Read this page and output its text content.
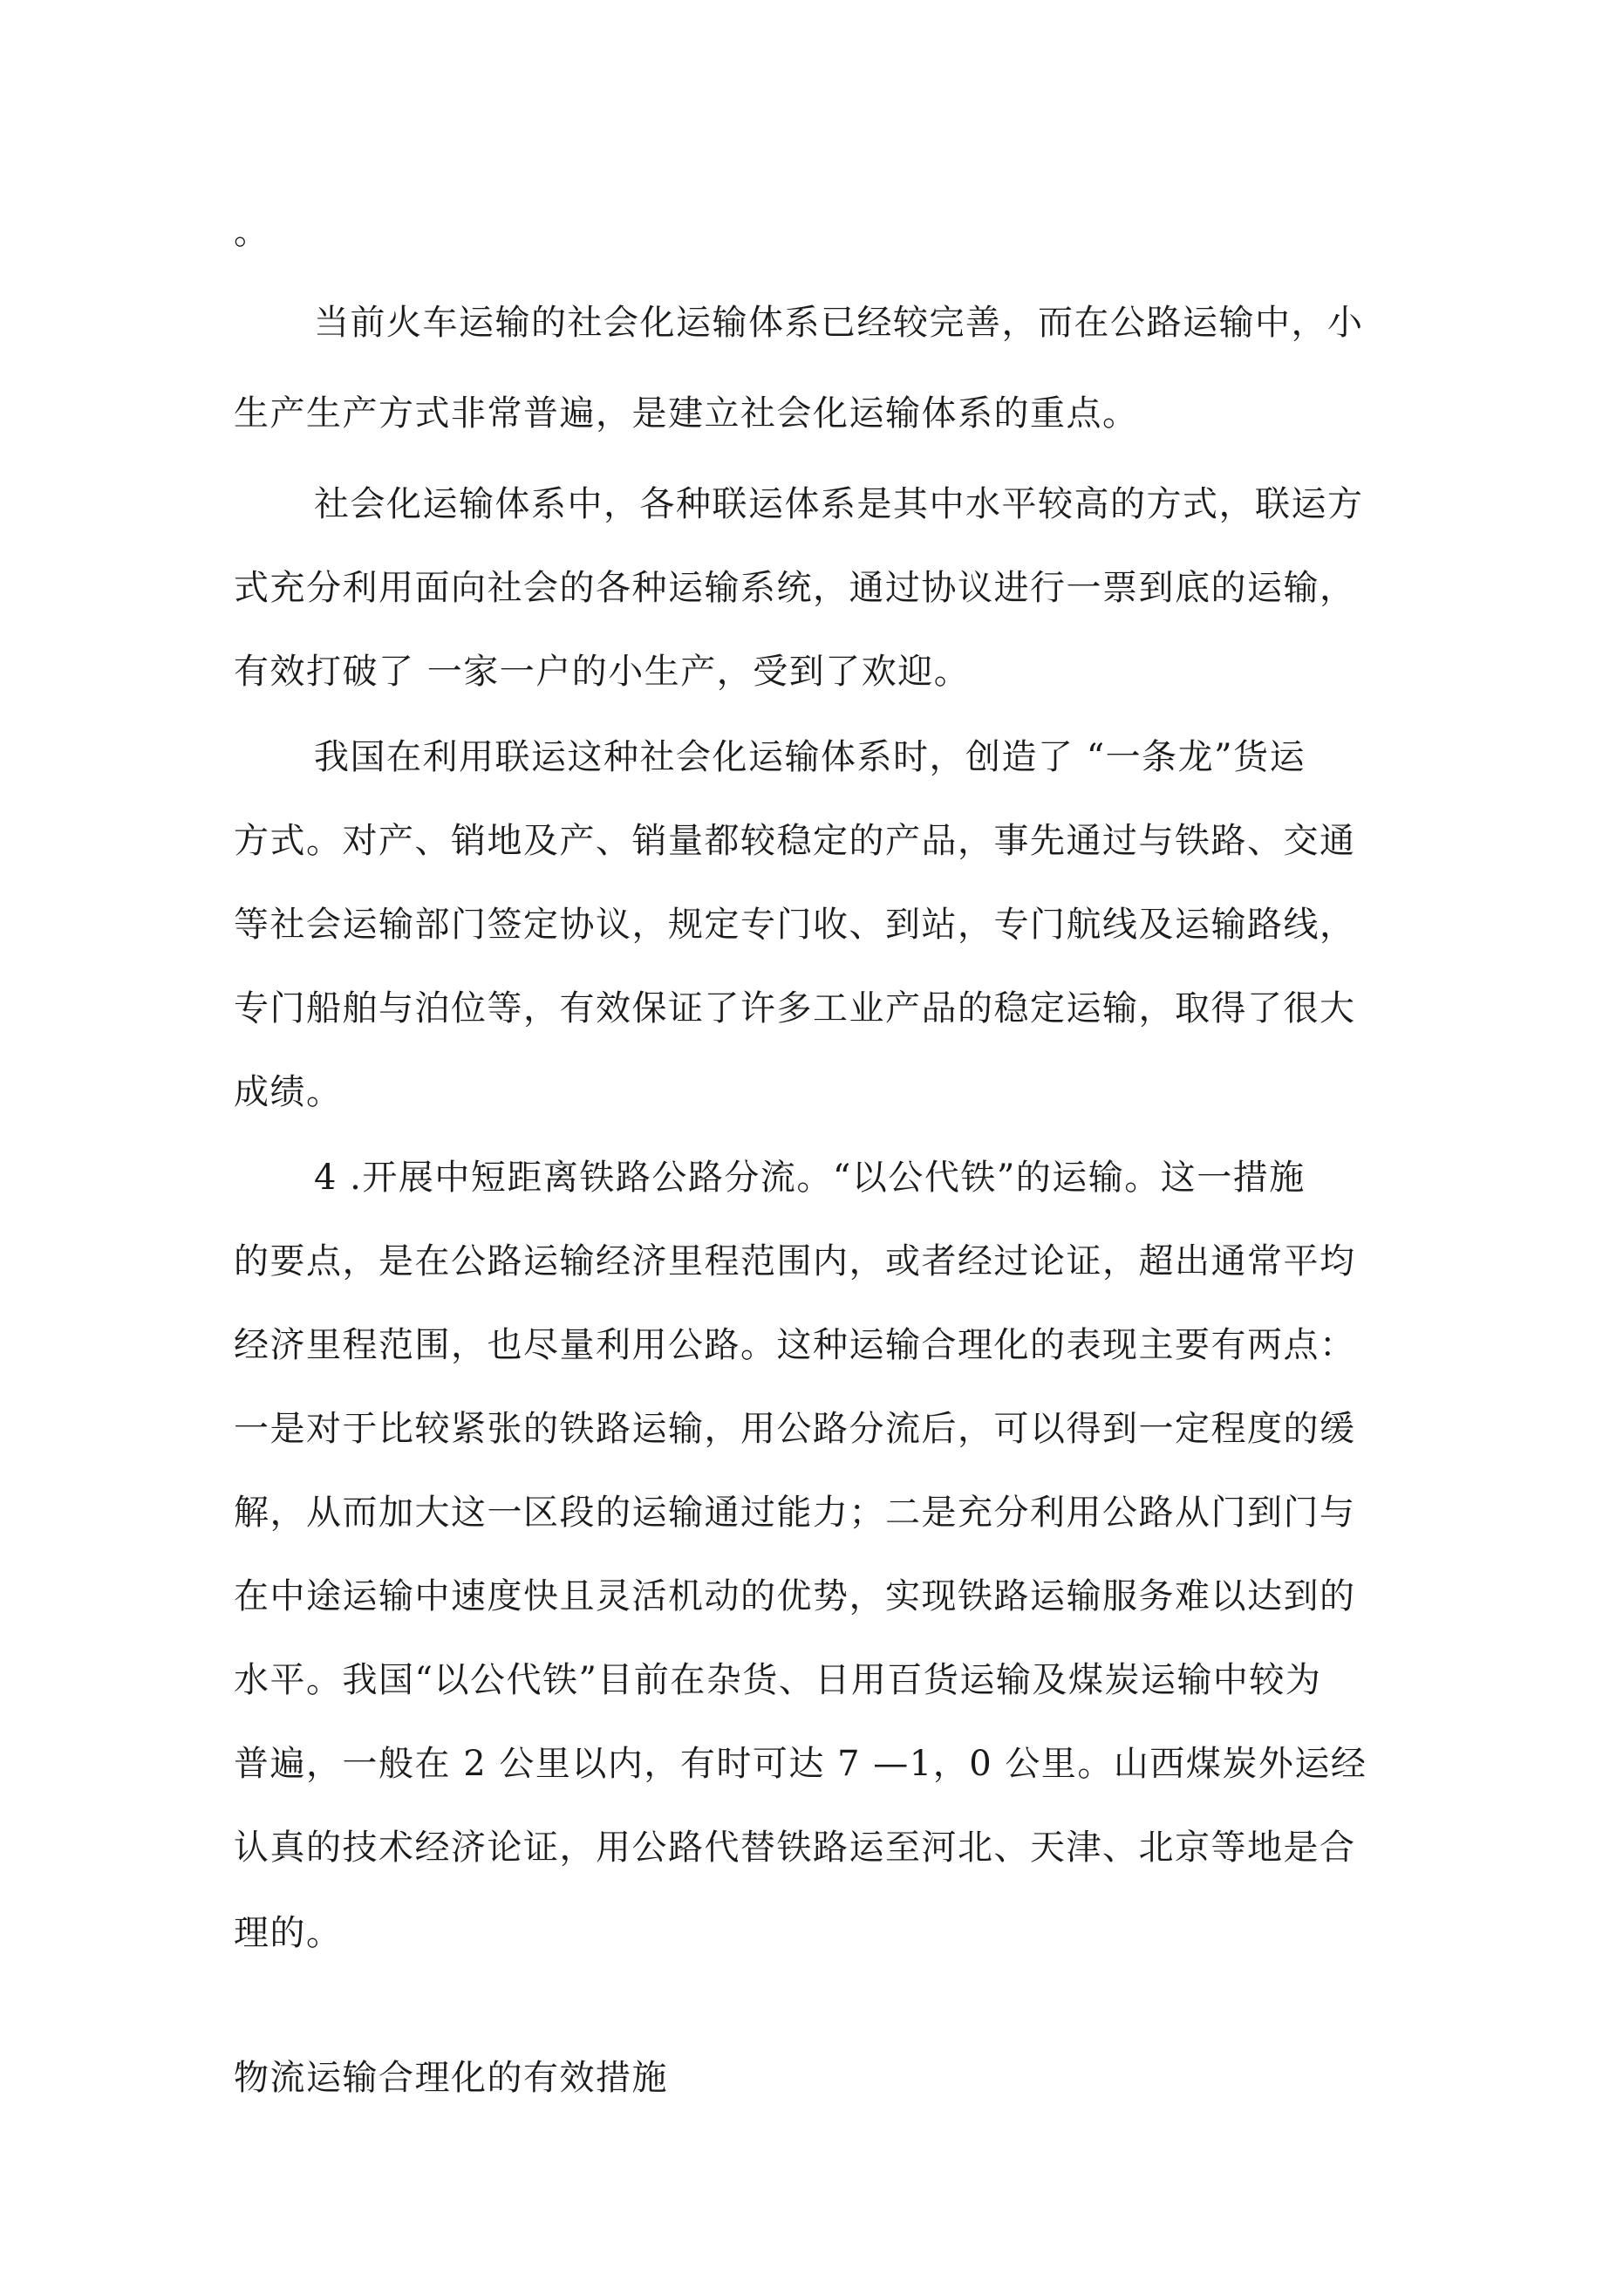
。
当前火车运输的社会化运输体系已经较完善，而在公路运输中，小
生产生产方式非常普遍，是建立社会化运输体系的重点。
社会化运输体系中，各种联运体系是其中水平较高的方式，联运方
式充分利用面向社会的各种运输系统，通过协议进行一票到底的运输，
有效打破了 一家一户的小生产，受到了欢迎。
我国在利用联运这种社会化运输体系时，创造了 “一条龙”货运
方式。对产、销地及产、销量都较稳定的产品，事先通过与铁路、交通
等社会运输部门签定协议，规定专门收、到站，专门航线及运输路线，
专门船舶与泊位等，有效保证了许多工业产品的稳定运输，取得了很大
成绩。
4 .开展中短距离铁路公路分流。“以公代铁”的运输。这一措施
的要点，是在公路运输经济里程范围内，或者经过论证，超出通常平均
经济里程范围，也尽量利用公路。这种运输合理化的表现主要有两点：
一是对于比较紧张的铁路运输，用公路分流后，可以得到一定程度的缓
解，从而加大这一区段的运输通过能力；二是充分利用公路从门到门与
在中途运输中速度快且灵活机动的优势，实现铁路运输服务难以达到的
水平。我国“以公代铁”目前在杂货、日用百货运输及煤炭运输中较为
普遍，一般在 2 公里以内，有时可达 7 —1，0 公里。山西煤炭外运经
认真的技术经济论证，用公路代替铁路运至河北、天津、北京等地是合
理的。
物流运输合理化的有效措施
